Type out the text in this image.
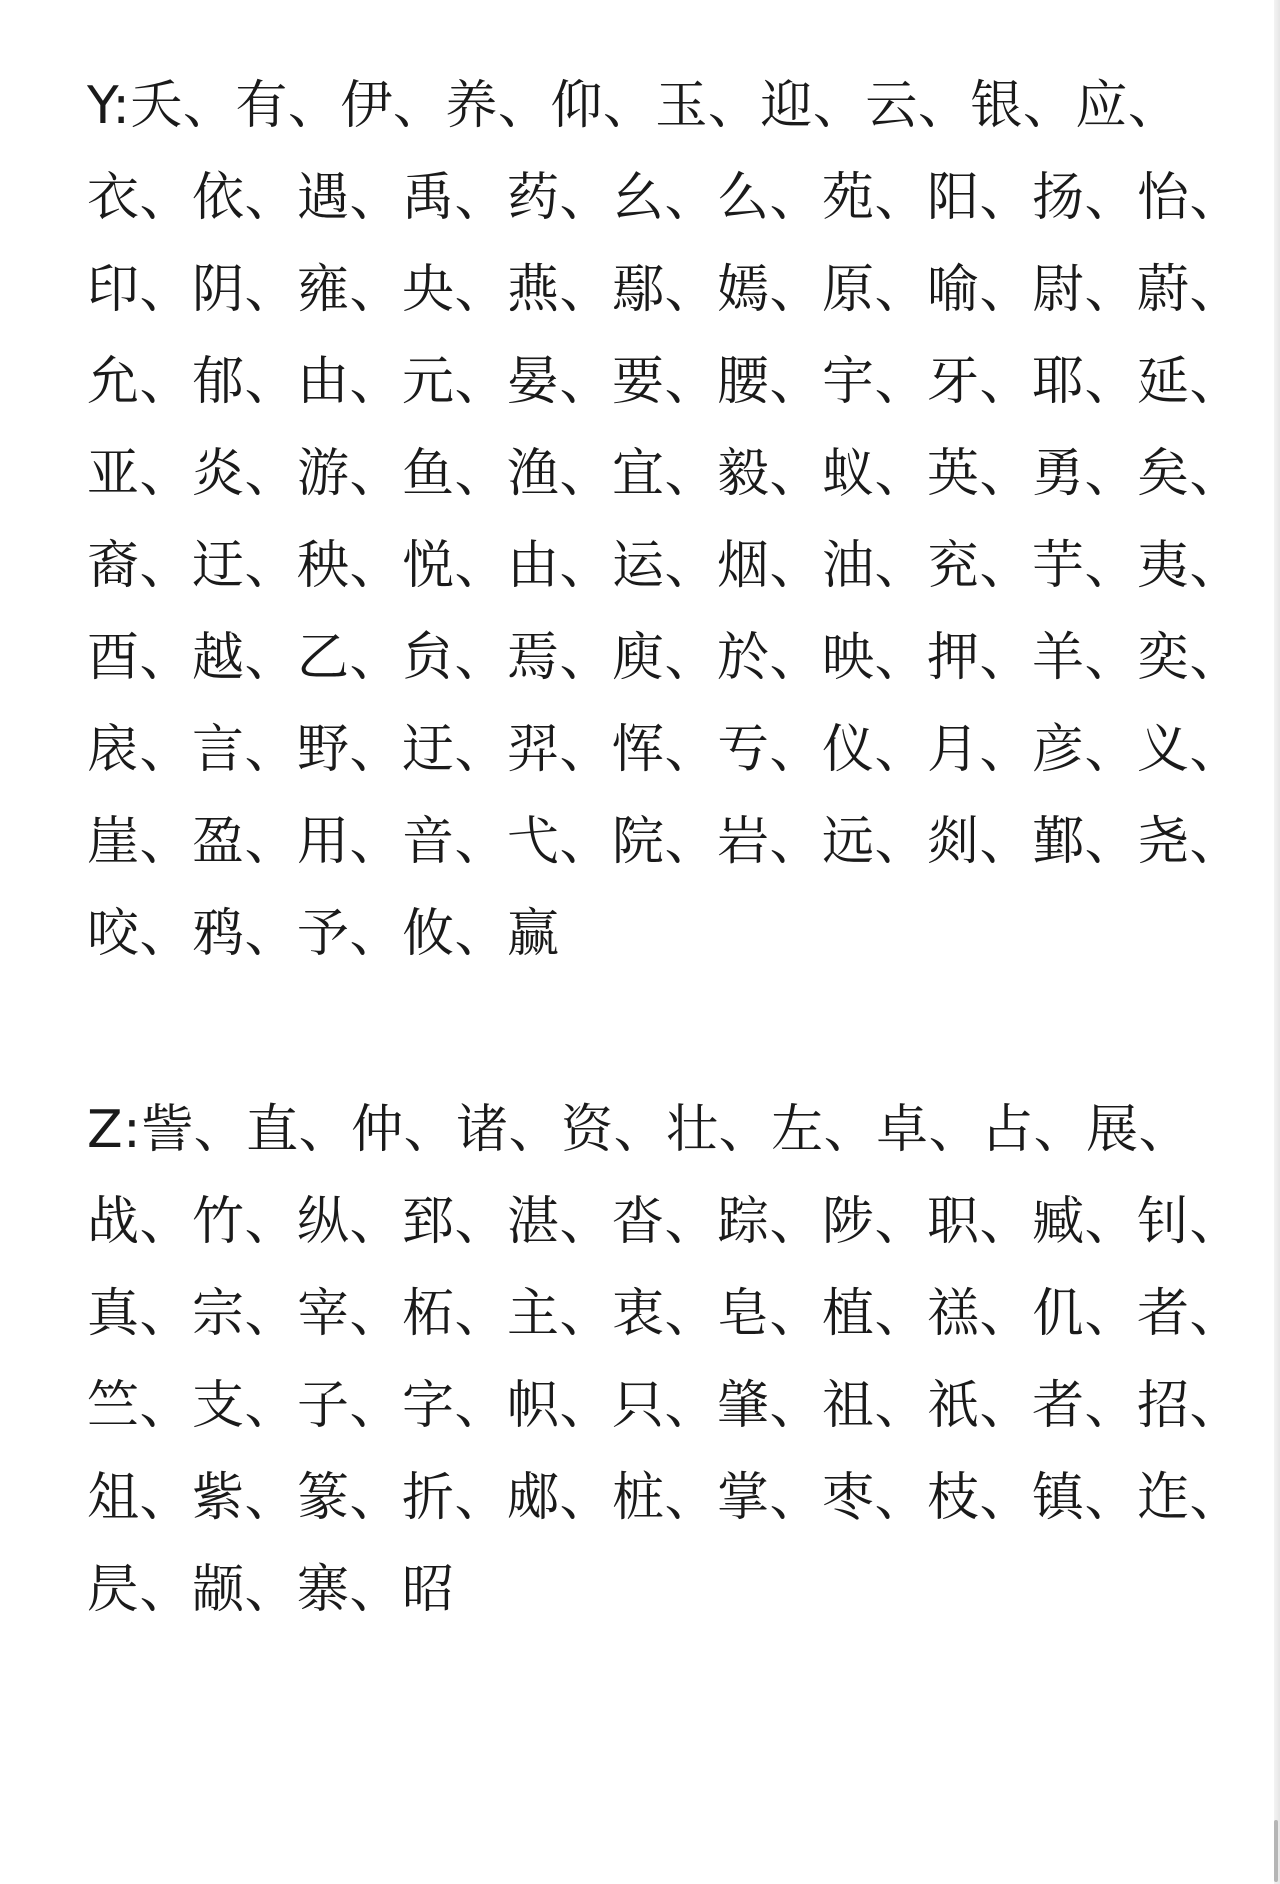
Y:夭、有、伊、养、仰、玉、迎、云、银、应、

衣、依、遇、禹、药、幺、么、苑、阳、扬、怡、

印、阴、雍、央、燕、鄢、嫣、原、喻、尉、蔚、

允、郁、由、元、晏、要、腰、宇、牙、耶、延、

亚、炎、游、鱼、渔、宜、毅、蚁、英、勇、矣、

裔、迂、秧、悦、由、运、烟、油、兖、芋、夷、

酉、越、乙、贠、焉、庾、於、映、押、羊、奕、

扆、言、野、迂、羿、恽、亐、仪、月、彦、义、

崖、盈、用、音、弋、院、岩、远、剡、鄞、尧、

咬、鸦、予、攸、赢

Z:訾、直、仲、诸、资、壮、左、卓、占、展、

战、竹、纵、郅、湛、沓、踪、陟、职、臧、钊、

真、宗、宰、柘、主、衷、皂、植、禚、仉、者、

竺、支、子、字、帜、只、肇、祖、祇、者、招、

俎、紫、篆、折、郕、桩、掌、枣、枝、镇、迮、

昃、颛、寨、昭
